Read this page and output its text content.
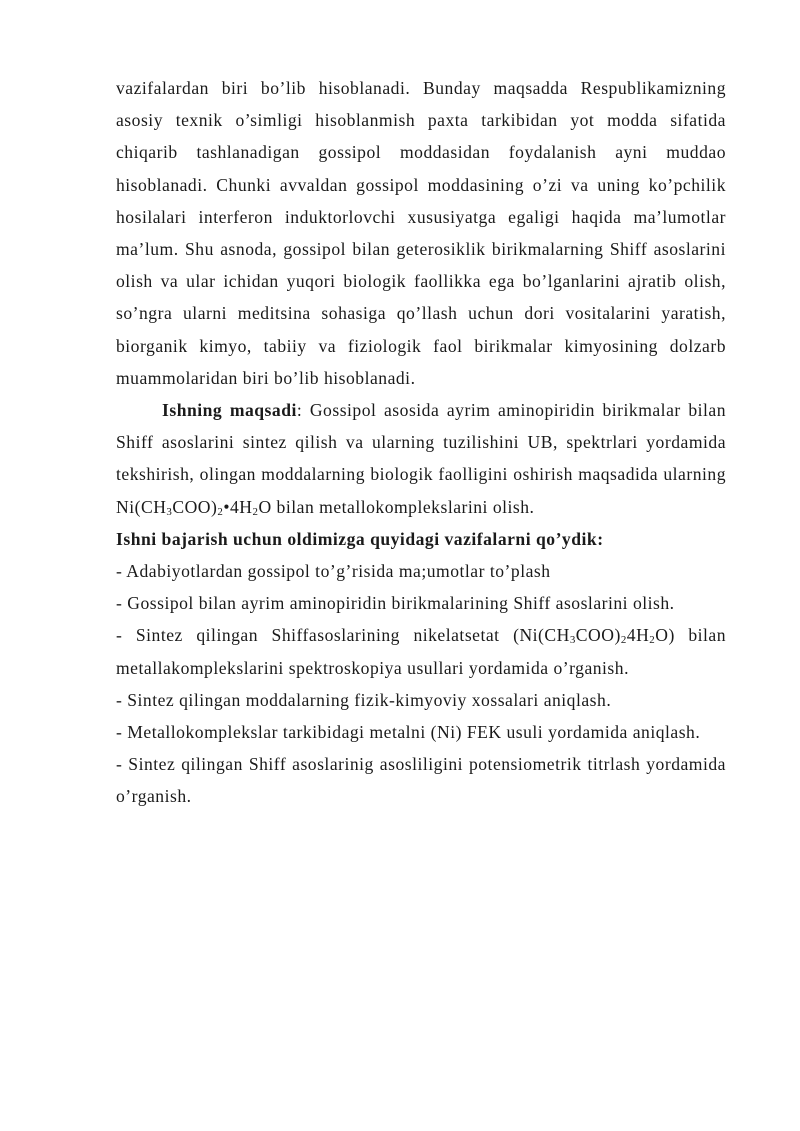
vazifalardan biri bo’lib hisoblanadi. Bunday maqsadda Respublikamizning asosiy texnik o’simligi hisoblanmish paxta tarkibidan yot modda sifatida chiqarib tashlanadigan gossipol moddasidan foydalanish ayni muddao hisoblanadi. Chunki avvaldan gossipol moddasining o’zi va uning ko’pchilik hosilalari interferon induktorlovchi xususiyatga egaligi haqida ma’lumotlar ma’lum. Shu asnoda, gossipol bilan geterosiklik birikmalarning Shiff asoslarini olish va ular ichidan yuqori biologik faollikka ega bo’lganlarini ajratib olish, so’ngra ularni meditsina sohasiga qo’llash uchun dori vositalarini yaratish, biorganik kimyo, tabiiy va fiziologik faol birikmalar kimyosining dolzarb muammolaridan biri bo’lib hisoblanadi.

Ishning maqsadi: Gossipol asosida ayrim aminopiridin birikmalar bilan Shiff asoslarini sintez qilish va ularning tuzilishini UB, spektrlari yordamida tekshirish, olingan moddalarning biologik faolligini oshirish maqsadida ularning $Ni(CH_3COO)_2•4H_2O$ bilan metallokomplekslarini olish.

Ishni bajarish uchun oldimizga quyidagi vazifalarni qo’ydik:

- Adabiyotlardan gossipol to’g’risida ma;umotlar to’plash

- Gossipol bilan ayrim aminopiridin birikmalarining Shiff asoslarini olish.

- Sintez qilingan Shiffasoslarining nikelatsetat $(Ni(CH_3COO)_24H_2O)$ bilan metallakomplekslarini spektroskopiya usullari yordamida o’rganish.

- Sintez qilingan moddalarning fizik-kimyoviy xossalari aniqlash.

- Metallokomplekslar tarkibidagi metalni (Ni) FEK usuli yordamida aniqlash.

- Sintez qilingan Shiff asoslarinig asosliligini potensiometrik titrlash yordamida o’rganish.
